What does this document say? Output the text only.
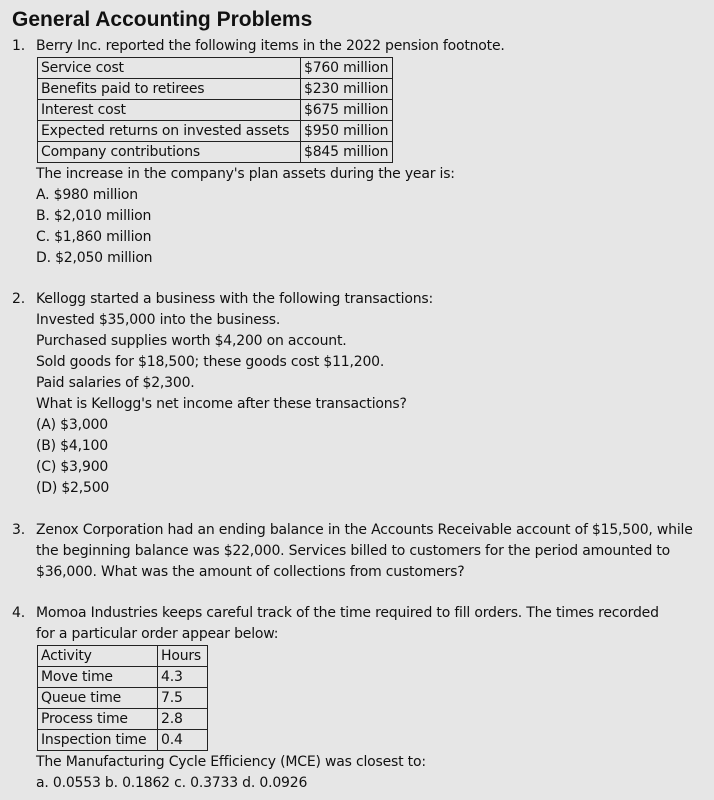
General Accounting Problems
1. Berry Inc. reported the following items in the 2022 pension footnote.
Service cost	$760 million
Benefits paid to retirees	$230 million
Interest cost	$675 million
Expected returns on invested assets	$950 million
Company contributions	$845 million
The increase in the company's plan assets during the year is:
A. $980 million
B. $2,010 million
C. $1,860 million
D. $2,050 million
2. Kellogg started a business with the following transactions:
Invested $35,000 into the business.
Purchased supplies worth $4,200 on account.
Sold goods for $18,500; these goods cost $11,200.
Paid salaries of $2,300.
What is Kellogg's net income after these transactions?
(A) $3,000
(B) $4,100
(C) $3,900
(D) $2,500
3. Zenox Corporation had an ending balance in the Accounts Receivable account of $15,500, while
the beginning balance was $22,000. Services billed to customers for the period amounted to
$36,000. What was the amount of collections from customers?
4. Momoa Industries keeps careful track of the time required to fill orders. The times recorded
for a particular order appear below:
Activity	Hours
Move time	4.3
Queue time	7.5
Process time	2.8
Inspection time	0.4
The Manufacturing Cycle Efficiency (MCE) was closest to:
a. 0.0553 b. 0.1862 c. 0.3733 d. 0.0926
